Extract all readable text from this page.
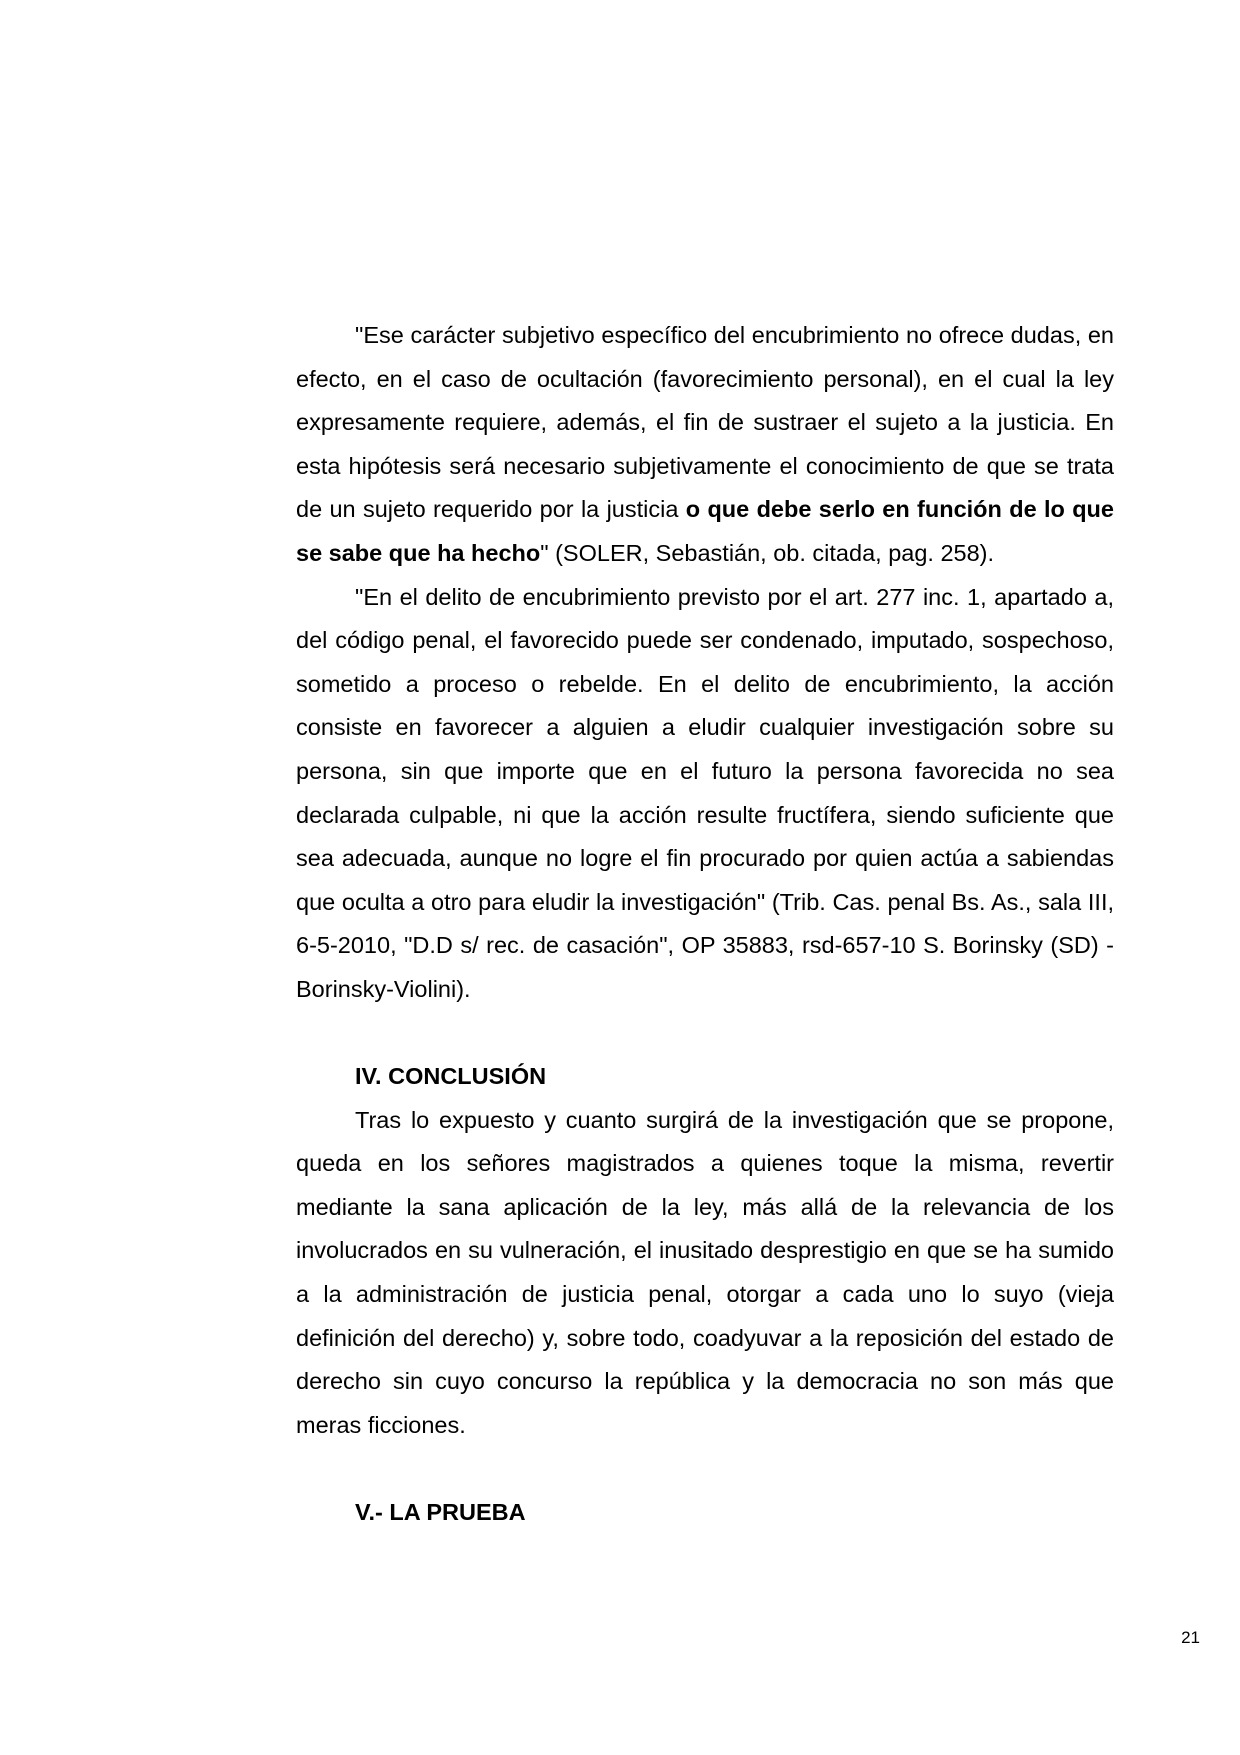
"Ese carácter subjetivo específico del encubrimiento no ofrece dudas, en efecto, en el caso de ocultación (favorecimiento personal), en el cual la ley expresamente requiere, además, el fin de sustraer el sujeto a la justicia. En esta hipótesis será necesario subjetivamente el conocimiento de que se trata de un sujeto requerido por la justicia o que debe serlo en función de lo que se sabe que ha hecho" (SOLER, Sebastián, ob. citada, pag. 258).

"En el delito de encubrimiento previsto por el art. 277 inc. 1, apartado a, del código penal, el favorecido puede ser condenado, imputado, sospechoso, sometido a proceso o rebelde. En el delito de encubrimiento, la acción consiste en favorecer a alguien a eludir cualquier investigación sobre su persona, sin que importe que en el futuro la persona favorecida no sea declarada culpable, ni que la acción resulte fructífera, siendo suficiente que sea adecuada, aunque no logre el fin procurado por quien actúa a sabiendas que oculta a otro para eludir la investigación" (Trib. Cas. penal Bs. As., sala III, 6-5-2010, "D.D s/ rec. de casación", OP 35883, rsd-657-10 S. Borinsky (SD) -Borinsky-Violini).

IV. CONCLUSIÓN

Tras lo expuesto y cuanto surgirá de la investigación que se propone, queda en los señores magistrados a quienes toque la misma, revertir mediante la sana aplicación de la ley, más allá de la relevancia de los involucrados en su vulneración, el inusitado desprestigio en que se ha sumido a la administración de justicia penal, otorgar a cada uno lo suyo (vieja definición del derecho) y, sobre todo, coadyuvar a la reposición del estado de derecho sin cuyo concurso la república y la democracia no son más que meras ficciones.

V.- LA PRUEBA
21
